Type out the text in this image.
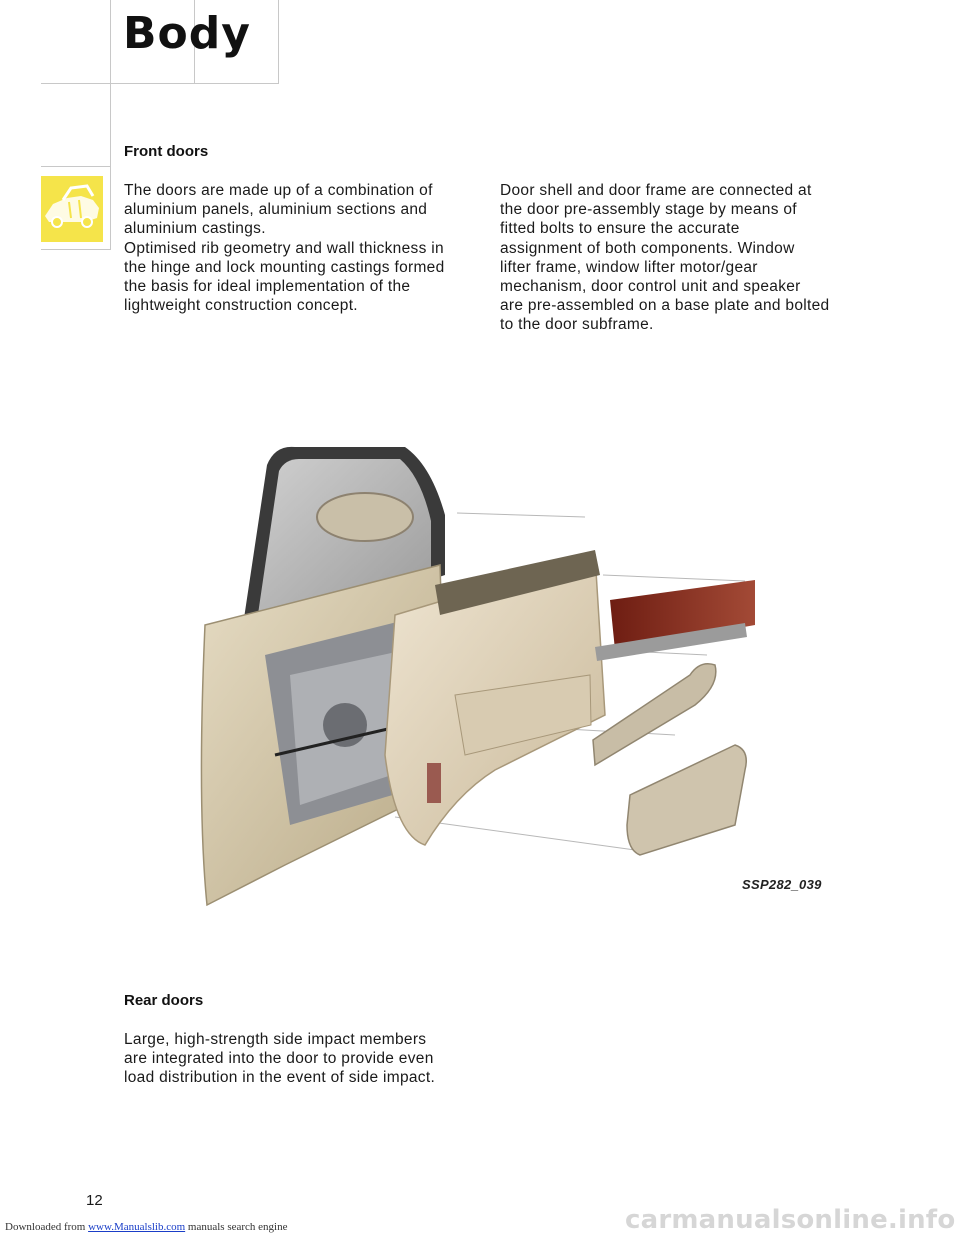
Body
Front doors
The doors are made up of a combination of
aluminium panels, aluminium sections and
aluminium castings.
Optimised rib geometry and wall thickness in
the hinge and lock mounting castings formed
the basis for ideal implementation of the
lightweight construction concept.
Door shell and door frame are connected at
the door pre-assembly stage by means of
fitted bolts to ensure the accurate
assignment of both components. Window
lifter frame, window lifter motor/gear
mechanism, door control unit and speaker
are pre-assembled on a base plate and bolted
to the door subframe.
SSP282_039
Rear doors
Large, high-strength side impact members
are integrated into the door to provide even
load distribution in the event of side impact.
12
Downloaded from www.Manualslib.com manuals search engine	carmanualsonline.info
